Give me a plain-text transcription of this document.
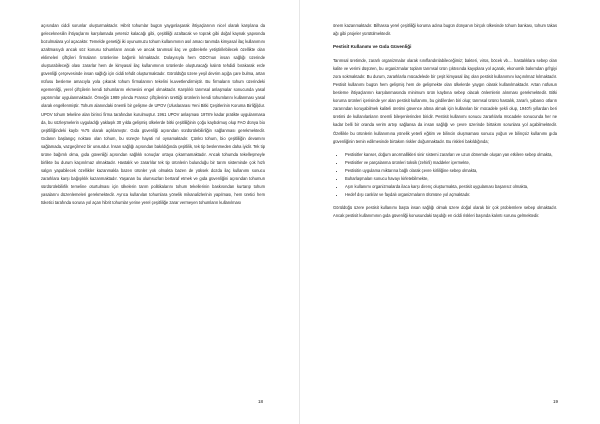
açısından ciddi sorunlar oluşturmaktadır. Hibrit tohumlar bugün yaygınlaşarak ihtiyaçlarının nicel olarak karşılana da geleceknesilin ihtiyaçlarını karşılamada yetersiz kalacağı gibi, çeşitliliği azaltacak ve toprak gibi doğal kaynak yapısında bozulmalara yol açacaktır. Temelde genetiği iki oyunumuzu tohum kullanımının asıl amacı tanımda kimyasal ilaç kullanımını azaltmasıydı ancak söz konusu tohumların ancak ve ancak tanımsal ilaç ve gübrelerle yetiştirilebilecek özellikte olan eklimeleri çiftçileri firmaların ürünlerine bağımlı kılmaktadır. Dolayısıyla hem GDO'nun insan sağlığı üzerinde oluşturabileceği olası zararlar hem de kimyasal ilaç kullanımının ürünlerde oluşturacağı kalıntı tehdidi bırakarak erde güvenliği çerçevesinde insan sağlığı için ciddi tehdit oluşturmaktadır. Görüldüğü üzere yeşil devrim açığa çare bulma, artan nüfusu besleme amacıyla yola çıkarak tohum firmalarının tekelini kuvvetlendirmiştir. Bu firmaların tohum üzerindeki egemenliği, yerel çiftçilerin kendi tohumlarını ekmesini engel olmaktadır. Karşılıklı tarımsal anlaşmalar sonucunda yasal yaptırımlar uygulanmaktadır. Örneğin 1989 yılında Fransız çiftçilerinin ürettiği ürünlerin kendi tohumlarını kullanması yasal olarak engellenmiştir. Tohum alanındaki önemli bir gelişme de UPOV (Uluslararası Yeni Bitki Çeşitlerinin Koruma Birliği)dur. UPOV tohum tekeline alan birinci firma tarafından kurulmuştur. 1961 UPOV anlaşması 1978'e kadar pratikte uygulanmasa da, bu sözleşmelerin uyguladığı yaklaşık 30 yılda gelişmiş ülkelerde bitki çeşitliliğinin çoğu kaybolmuş olup FAO dünya bio çeşitliliğindeki kaybı %75 olarak açıklamıştır. Gıda güvenliği açısından sürdürülebilirliğin sağlanması gerekmektedir. Gıdanın başlangıç noktası olan tohum, bu süreçte hayati rol oynamaktadır. Çünkü tohum, bio çeşitliliğin devamını sağlamada, vazgeçilmez bir unsurdur. İnsan sağlığı açısından bakıldığında çeşitlilik, tek tip beslenmeden daha iyidir. Tek tip ürüne bağımlı olma, gıda güvenliği açısından sağlıklı sonuçlar ortaya çıkarmamaktadır. Ancak tohumda tekelleşmeyle birlikte bu durum kaçınılmaz olmaktadır. Hastalık ve zararlılar tek tip ürünlerin bulunduğu bir tarım sisteminde çok hızlı salgın yapabilecek özellikler kazanmakla bazen ürünler yok olmakta bazen de yüksek dozda ilaç kullanımı sonucu zararlılara karşı bağışıklık kazanmaktadır. Yaşanan bu olumsuzları bertaraf etmek ve gıda güvenliğini açısından tohumun sürdürülebilirlik temeline oturtulması için ülkelerin tarım politikalarını tohum tekellerinin baskısından kurtarıp tohum yasalarını düzenlemeleri gerekmektedir. Ayrıca kullanılan tohumlara yönelik mikanalizlerinin yapılması, hem üretici hem tüketici tarafında soruna yol açan hibrit tohumlar yerine yerel çeşitliliğe zarar vermeyen tohumların kullanılması

18

önem kazanmaktadır. Bilhassa yerel çeşitliliği koruma adına bugün dünyanın birçok ülkesinde tohum bankası, tohum takas ağı gibi projeler yürütülmektedir.

Pestisit Kullanımı ve Gıda Güvenliği

Tarımsal üretimde, zararlı organizmalar olarak sınıflandırılabileceğimiz; bakteri, virüs, böcek vb.... hastalıklara sebep olan kalite ve verimi düşüren, bu organizmalar toplam tarımsal ürün çıktısında kayıplara yol açarak, ekonomik bakımdan gıfrgiyi zora sokmaktadır. Bu durum, zararlılarla mücadelede bir çeşit kimyasal ilaç olan pestisit kullanımını kaçınılmaz kılmaktadır. Pestisit kullanımı bugün hem gelişmiş hem de gelişmekte olan ülkelerde yaygın olarak kullanılmaktadır. Artan nüfusun besleme ihtiyaçlarının karşılanmasında minimum ürün kaybına sebep olacak önlemlerin alınması gerekmektedir. Bitki koruma ürünleri içerisinde yer alan pestisit kullanımı, bu girdilerden biri olup; tarımsal ürünü hastalık, zararlı, yabancı otların zararından koruyabilmek kaliteli üretimi güvence altına almak için kullanılan bir mücadele şekli olup, 1940'lı yıllardan beri üretimi de kullanılanların önemli bileşenlerinden biridir. Pestisit kullanımı sonucu zararlılarla mücadele sonucunda her ne kadar belli bir oranda verim artışı sağlansa da insan sağlığı ve çevre üzerinde birtakım sorunlara yol açabilmektedir. Özellikle bu ürünlerin kullanımına yönelik yeterli eğitim ve bilincin oluşmaması sonucu yoğun ve bilinçsiz kullanımı gıda güvenliğinin temin edilmesinde birtakım riskler doğurmaktadır. Bu riskleri bakıldığında;

• Pestisitler kanser, doğum anormallikleri sinir sistemi zararları ve uzun dönemde oluşan yan etkilere sebep olmakta,
• Pestisitler ve parçalanma ürünleri toksik (zehirli) maddeler içermekte,
• Pestisitin uygulama miktarına bağlı olarak çevre kirliliğine sebep olmakta,
• Buharlaşmaları sonucu havayı kirletebilmekte,
• Aşırı kullanımı organizmalarda ilaca karşı direnç oluşturmakta, pestisit uygulaması başarısız olmakta,
• Hedef dışı canlılar ve faydalı organizmaların ölümüne yol açmaktadır.

Görüldüğü üzere pestisit kullanımı başta insan sağlığı olmak üzere doğal olarak bir çok problemlere sebep olmaktadır. Ancak pestisit kullanımının gıda güvenliği konusundaki taşıdığı en ciddi riskleri başında kalıntı sorunu gelmektedir.

19
